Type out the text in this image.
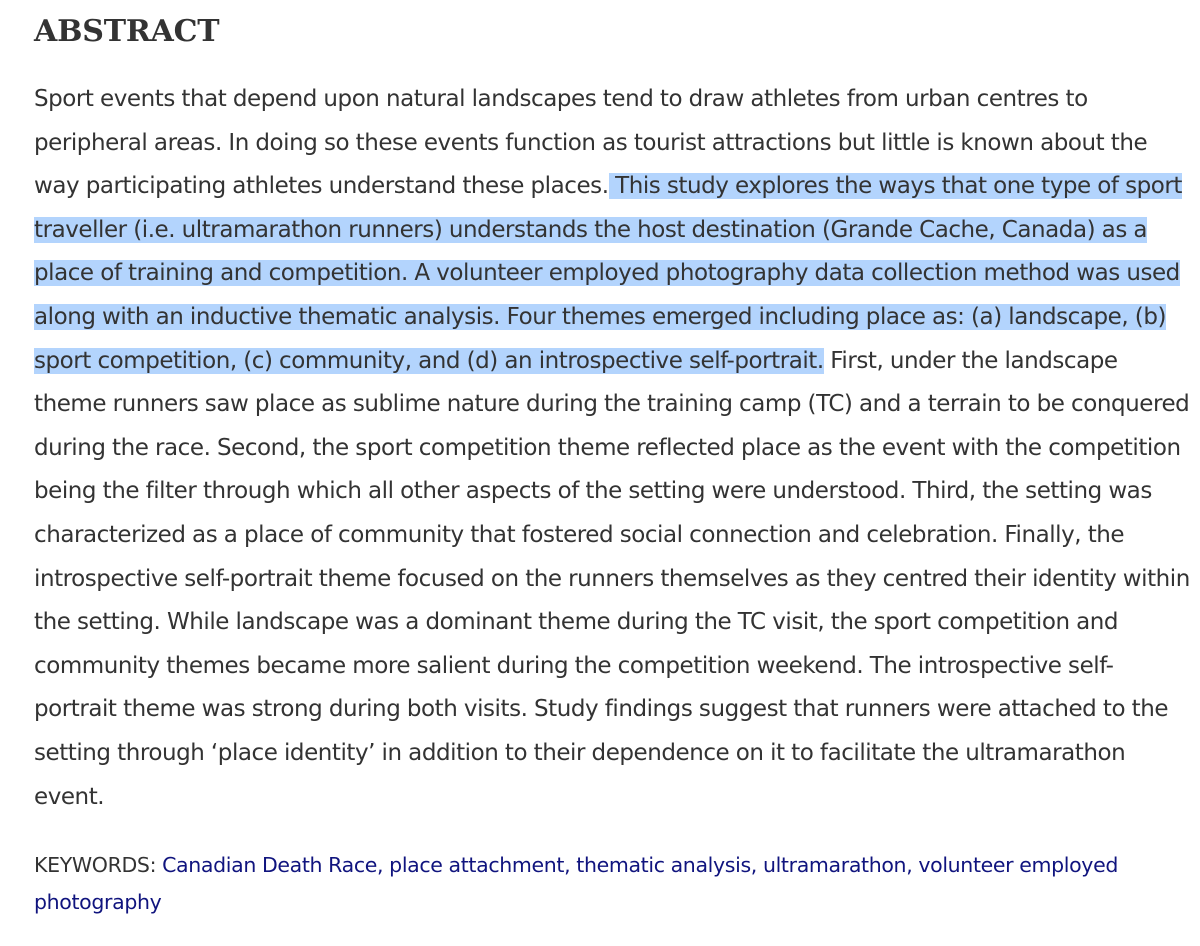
ABSTRACT

Sport events that depend upon natural landscapes tend to draw athletes from urban centres to peripheral areas. In doing so these events function as tourist attractions but little is known about the way participating athletes understand these places. This study explores the ways that one type of sport traveller (i.e. ultramarathon runners) understands the host destination (Grande Cache, Canada) as a place of training and competition. A volunteer employed photography data collection method was used along with an inductive thematic analysis. Four themes emerged including place as: (a) landscape, (b) sport competition, (c) community, and (d) an introspective self-portrait. First, under the landscape theme runners saw place as sublime nature during the training camp (TC) and a terrain to be conquered during the race. Second, the sport competition theme reflected place as the event with the competition being the filter through which all other aspects of the setting were understood. Third, the setting was characterized as a place of community that fostered social connection and celebration. Finally, the introspective self-portrait theme focused on the runners themselves as they centred their identity within the setting. While landscape was a dominant theme during the TC visit, the sport competition and community themes became more salient during the competition weekend. The introspective self-portrait theme was strong during both visits. Study findings suggest that runners were attached to the setting through ‘place identity’ in addition to their dependence on it to facilitate the ultramarathon event.

KEYWORDS: Canadian Death Race, place attachment, thematic analysis, ultramarathon, volunteer employed photography
